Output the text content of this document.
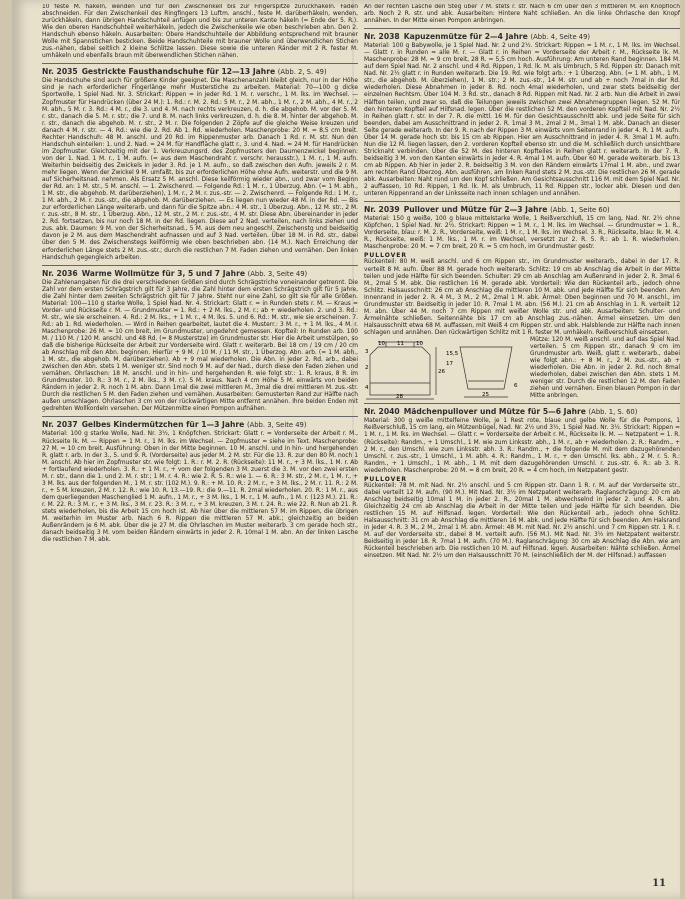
10 feste M. häkeln, wenden und für den Zwischenkell bis zur Fingerspitze zurückhäkeln. Faden abschneiden. Für den Zwischenkeil des Ringfingers 13 Luftm. anschl., feste M. darüberhäkeln, wenden, zurückhäkeln, dann übrigen Handschuhteil anfügen und bis zur unteren Kante häkeln (= Ende der 5. R.). Wie den oberen Handschuhteil weiterhäkeln, jedoch die Zwischenkeile wie oben beschrieben abn. Den 2. Handschuh ebenso häkeln. Ausarbeiten: Obere Handschuhteile der Abbildung entsprechend mit brauner Wolle mit Spannstichen besticken. Beide Handschuhteile mit brauner Wolle und überwendlichen Stichen zus.-nähen, dabei seitlich 2 kleine Schlitze lassen. Diese sowie die unteren Ränder mit 2 R. fester M. umhäkeln und ebenfalls braun mit überwendlichen Stichen nähen.

Nr. 2035 Gestrickte Fausthandschuhe für 12—13 Jahre (Abb. 2, S. 49)

Die Handschuhe sind auch für größere Kinder geeignet. Die Maschenanzahl bleibt gleich, nur in der Höhe sind je nach erforderlicher Fingerlänge mehr Musterstiche zu arbeiten. Material: 70—100 g dicke Sportwolle, 1 Spiel Nad. Nr. 3. Strickart: Rippen = in jeder Rd. 1 M. r. verschr., 1 M. lks. im Wechsel. — Zopfmuster für Handrücken (über 24 M.): 1. Rd.: r. M. 2. Rd.: 5 M. r., 2 M. abh., 1 M. r., 2 M. abh., 4 M. r., 2 M. abh., 5 M. r. 3. Rd.: 4 M. r., die 3. und 4. M. nach rechts verkreuzen, d. h. die abgehob. M. vor der 5. M. r. str., danach die 5. M. r. str.; die 7. und 8. M. nach links verkreuzen, d. h. die 8. M. hinter der abgehob. M. r. str., danach die abgehob. M. r. str., 2 M. r. Die folgenden 2 Zöpfe auf die gleiche Weise kreuzen und danach 4 M. r. str. — 4. Rd.: wie die 2. Rd. Ab 1. Rd. wiederholen. Maschenprobe: 20 M. = 8,5 cm breit. Rechter Handschuh: 48 M. anschl. und 20 Rd. im Rippenmuster arb. Danach 1 Rd. r. M. str. Nun den Handschuh einteilen: 1. und 2. Nad. = 24 M. für Handfläche glatt r., 3. und 4. Nad. = 24 M. für Handrücken im Zopfmuster. Gleichzeitig mit der 1. Verkreuzungsrd. des Zopfmusters den Daumenzwickel beginnen: von der 1. Nad. 1 M. r., 1 M. aufn. (= aus dem Maschendraht r. verschr. herausstr.), 1 M. r., 1 M. aufn. Weiterhin beidseitig des Zwickels in jeder 3. Rd. je 1 M. aufn., so daß zwischen den Aufn. jeweils 2 r. M. mehr liegen. Wenn der Zwickel 9 M. umfaßt, bis zur erforderlichen Höhe ohne Aufn. weiterstr. und die 9 M. auf Sicherheitsnad. nehmen. Als Ersatz 5 M. anschl. Diese keilförmig wieder abn., und zwar vom Beginn der Rd. an: 1 M. str., 5 M. anschl. — 1. Zwischenrd. — Folgende Rd.: 1 M. r., 1 Überzug. Abn. (= 1 M. abh., 1 M. str., die abgehob. M. darüberziehen), 1 M. r., 2 M. r. zus.-str. — 2. Zwischenrd. — Folgende Rd.: 1 M. r., 1 M. abh., 2 M. r. zus.-str., die abgehob. M. darüberziehen. — Es liegen nun wieder 48 M. in der Rd. — Bis zur erforderlichen Länge weiterarb. und dann für die Spitze abn.: 4 M. str., 1 Überzug. Abn., 12 M. str., 2 M. r. zus.-str., 8 M. str., 1 Überzug. Abn., 12 M. str., 2 M. r. zus.-str., 4 M. str. Diese Abn. übereinander in jeder 2. Rd. fortsetzen, bis nur noch 18 M. in der Rd. liegen. Diese auf 2 Nad. verteilen, nach links ziehen und zus. abk. Daumen: 9 M. von der Sicherheitsnad., 5 M. aus dem neu angeschl. Zwischenstg und beidseitig davon je 2 M. aus dem Maschendraht aufnassen und auf 3 Nad. verteilen. Über 18 M. in Rd. str., dabei über den 5 M. des Zwischenstegs keilförmig wie oben beschrieben abn. (14 M.). Nach Erreichung der erforderlichen Länge stets 2 M. zus.-str.; durch die restlichen 7 M. Faden ziehen und vernähen. Den linken Handschuh gegengleich arbeiten.

Nr. 2036 Warme Wollmütze für 3, 5 und 7 Jahre (Abb. 3, Seite 49)

Die Zahlenangaben für die drei verschiedenen Größen sind durch Schrägstriche voneinander getrennt. Die Zahl vor dem ersten Schrägstrich gilt für 3 Jahre, die Zahl hinter dem ersten Schrägstrich gilt für 5 Jahre, die Zahl hinter dem zweiten Schrägstrich gilt für 7 Jahre. Steht nur eine Zahl, so gilt sie für alle Größen. Material: 100—110 g starke Wolle, 1 Spiel Nad. Nr. 4. Strickart: Glatt r. = in Runden stets r. M. — Kraus = Vorder- und Rückseite r. M. — Grundmuster = 1. Rd.: + 2 M. lks., 2 M. r.; ab + wiederholen. 2. und 3. Rd.: M. str., wie sie erscheinen. 4. Rd.: 2 M. lks., + 1 M. r., 4 M. lks. 5. und 6. Rd.: M. str., wie sie erscheinen. 7. Rd.: ab 1. Rd. wiederholen. — Wird in Reihen gearbeitet, lautet die 4. Musterr.: 3 M. r., + 1 M. lks., 4 M. r. Maschenprobe: 26 M. = 10 cm breit, im Grundmuster, ungedehnt gemessen. Kopfteil: In Runden arb. 100 M. / 110 M. / 120 M. anschl. und 48 Rd. (= 8 Musterstze) im Grundmuster str. Hier die Arbeit umstülpen, so daß die bisherige Rückseite der Arbeit zur Vorderseite wird. Glatt r. weiterarb. Bei 18 cm / 19 cm / 20 cm ab Anschlag mit den Abn. beginnen. Hierfür + 9 M. / 10 M. / 11 M. str., 1 Überzog. Abn. arb. (= 1 M. abh., 1 M. str., die abgehob. M. darüberziehen). Ab + 9 mal wiederholen. Die Abn. in jeder 2. Rd. arb., dabei zwischen den Abn. stets 1 M. weniger str. Sind noch 9 M. auf der Nad., durch diese den Faden ziehen und vernähen. Ohrlaschen: 18 M. anschl. und in hin- und hergehenden R. wie folgt str.: 1. R. kraus, 8 R. im Grundmuster. 10. R.: 3 M. r., 2 M. lks., 3 M. r.). 5 M. kraus. Nach 4 cm Höhe 5 M. einwärts von beiden Rändern in jeder 2. R. noch 1 M. abn. Dann 1mal die zwei mittleren M., 3mal die drei mittleren M. zus.-str. Durch die restlichen 5 M. den Faden ziehen und vernähen. Ausarbeiten: Gemusterten Rand zur Hälfte nach außen umschlagen. Ohrlaschen 3 cm von der rückwärtigen Mitte entfernt annähen. Ihre beiden Enden mit gedrehten Wollkordeln versehen. Der Mützenmitte einen Pompon aufnähen.

Nr. 2037 Gelbes Kindermützchen für 1—3 Jahre (Abb. 3, Seite 49)

Material: 100 g starke Wolle, Nad. Nr. 3½, 1 Knöpfchen. Strickart: Glatt r. = Vorderseite der Arbeit r. M., Rückseite lk. M. — Rippen = 1 M. r., 1 M. lks. im Wechsel. — Zopfmuster = siehe im Text. Maschenprobe: 27 M. = 10 cm breit. Ausführung: Oben in der Mitte beginnen. 10 M. anschl. und in hin- und hergehenden R. glatt r. arb. In der 3., 5. und 9. R. (Vorderseite) aus jeder M. 2 M. str. Für die 13. R. zur den 80 M. noch 1 M. anschl. Ab hier im Zopfmuster str. wie folgt: 1. R.: r. M. 2. R. (Rückseite): 11 M. r., + 3 M. lks., 1 M. r. Ab + fortlaufend wiederholen. 3. R.: + 1 M. r., + vom der folgenden 3 M. zuerst die 3. M. vor den zwei ersten M. r. str., dann die 1. und 2. M. r. str.; 1 M. r. 4. R.: wie 2. R. 5. R.: wie 1. — 6. R.: 3 M. str., 2 M. r., 1 M. r., + 3 M. lks. aus der folgenden M., 1 M. r. str. (102 M.). 9. R.: + M. 10. R.: 2 M. r., + 3 M. lks., 2 M. r. 11. R.: 2 M. r., + 5 M. kreuzen, 2 M. r. 12. R.: wie 10. R. 13.—19. R.: die 9.—11. R. 2mal wiederholen. 20. R.: 1 M. r., aus dem querliegenden Maschenglied 1 M. aufn., 1 M. r., + 3 M. lks., 1 M. r., 1 M. aufn., 1 M. r. (123 M.). 21. R.: r. M. 22. R.: 3 M. r., + 3 M. lks., 3 M. r. 23. R.: 3 M. r., + 3 M. kreuzen, 3 M. r. 24. R.: wie 22. R. Nun ab 21. R. stets wiederholen, bis die Arbeit 15 cm hoch ist. Ab hier über die mittleren 57 M. im Rippen, die übrigen M. weiterhin im Muster arb. Nach 6 R. Rippen die mittleren 57 M. abk.; gleichzeitig an beiden Außenrändern je 6 M. abk. Über die je 27 M. die Ohrlaschen im Muster weiterarb. 3 cm gerade hoch str., danach beidseitig 3 M. vom beiden Rändern einwärts in jeder 2. R. 10mal 1 M. abn. An der linken Lasche die restlichen 7 M. abk.

An der rechten Lasche den Steg über 7 M. stets r. str. Nach 6 cm über den 3 mittleren M. ein Knopfloch arb. Noch 2 R. str. und abk. Ausarbeiten: Hintere Naht schließen. An die linke Ohrlasche den Knopf annähen. In der Mitte einen Pompon anbringen.

Nr. 2038 Kapuzenmütze für 2—4 Jahre (Abb. 4, Seite 49)

Material: 100 g Babywolle, je 1 Spiel Nad. Nr. 2 und 2½. Strickart: Rippen = 1 M. r., 1 M. lks. im Wechsel. — Glatt r. in Runden = alle M. r. — Glatt r. in Reihen = Vorderseite der Arbeit r. M., Rückseite lk. M. Maschenprobe: 28 M. = 9 cm breit, 28 R. = 5,5 cm hoch. Ausführung: Am unteren Rand beginnen. 184 M. auf dem Spiel Nad. Nr. 2 anschl. und 4 Rd. Rippen, 1 Rd. lk. M. als Umbruch, 5 Rd. Rippen str. Danach mit Nad. Nr. 2½ glatt r. in Runden weiterarb. Die 19. Rd. wie folgt arb.: + 1 Überzog. Abn. (= 1 M. abh., 1 M. str., die abgehob. M. überziehen), 1 M. str.; 2 M. zus.-str., 14 M. str. und ab + noch 7mal in der Rd. wiederholen. Diese Abnahmen in jeder 8. Rd. noch 4mal wiederholen, und zwar stets beidseitig der einzelnen Rechtsm. Über 104 M. 3 Rd. str., danach 8 Rd. Rippen mit Nad. Nr. 2 arb. Nun die Arbeit in zwei Hälften teilen, und zwar so, daß die Teilungen jeweils zwischen zwei Abnahmegruppen liegen. 52 M. für den hinteren Kopfteil auf Hilfsnad. legen. Über die restlichen 52 M. den vorderen Kopfteil mit Nad. Nr. 2½ in Reihen glatt r. str. In der 7. R. die mittl. 16 M. für den Gesichtsausschnitt abk. und jede Seite für sich beenden, dabei am Ausschnittrand in jeder 2. R. 1mal 3 M., 2mal 2 M., 3mal 1 M. abk. Danach an dieser Seite gerade weiterarb. In der 9. R. nach der Rippen 3 M. einwärts vom Seitenrand in jeder 4. R. 1 M. aufn. Über 14 M. gerade hoch str. bis 15 cm ab Rippen. Hier am Ausschnittrand in jeder 4. R. 3mal 1 M. aufn. Nun die 12 M. liegen lassen, den 2. vorderen Kopfteil ebenso str. und die M. schließlich durch unsichtbare Stricknaht verbinden. Über die 52 M. des hinteren Kopfteiles in Reihen glatt r. weiterarb. In der 7. R. beidseitig 3 M. von den Kanten einwärts in jeder 4. R. 4mal 1 M. aufn. Über 60 M. gerade weiterarb. bis 13 cm ab Rippen. Ab hier in jeder 2. R. beidseitig 3 M. von den Rändern einwärts 17mal 1 M. abn., und zwar am rechten Rand Überzog. Abn. ausführen, am linken Rand stets 2 M. zus.-str. Die restlichen 26 M. gerade abk. Ausarbeiten: Naht rund um den Kopf schließen. Am Gesichtsausschnitt 116 M. mit dem Spiel Nad. Nr. 2 auffassen, 10 Rd. Rippen, 1 Rd. lk. M. als Umbruch, 11 Rd. Rippen str., locker abk. Diesen und den unteren Rippenrand an der Linksseite nach innen schlagen und annähen.

Nr. 2039 Pullover und Mütze für 2—3 Jahre (Abb. 1, Seite 60)

Material: 150 g weiße, 100 g blaue mittelstarke Wolle, 1 Reißverschluß, 15 cm lang, Nad. Nr. 2½ ohne Köpfchen, 1 Spiel Nad. Nr. 2½. Strickart: Rippen = 1 M. r., 1 M. lks. im Wechsel. — Grundmuster = 1. R., Vorderseite, blau: r. M. 2. R., Vorderseite, weiß: 1 M. r., 1 M. lks. im Wechsel. 3. R., Rückseite, blau: lk. M. 4. R., Rückseite, weiß: 1 M. lks., 1 M. r. im Wechsel, versetzt zur 2. R. 5. R.: ab 1. R. wiederholen. Maschenprobe: 20 M. = 7 cm breit, 20 R. = 5 cm hoch, im Grundmuster gestr.

PULLOVER

Rückenteil: 80 M. weiß anschl. und 6 cm Rippen str., im Grundmuster weiterarb., dabei in der 17. R. verteilt 8 M. aufn. Über 88 M. gerade hoch weiterarb. Schlitz: 19 cm ab Anschlag die Arbeit in der Mitte teilen und jede Hälfte für sich beenden. Schulter: 29 cm ab Anschlag am Außenrand in jeder 2. R. 3mal 6 M., 2mal 5 M. abk. Die restlichen 16 M. gerade abk. Vorderteil: Wie den Rückenteil arb., jedoch ohne Schlitz. Halsausschnitt: 26 cm ab Anschlag die mittleren 10 M. abk. und jede Hälfte für sich beenden. Am Innenrand in jeder 2. R. 4 M., 3 M., 2 M., 2mal 1 M. abk. Ärmel: Oben beginnen und 70 M. anschl., im Grundmuster str. Beidseitig in jeder 10. R. 7mal 1 M. abn. (56 M.). 21 cm ab Anschlag in 1. R. verteilt 12 M. abn. Über 44 M. noch 7 cm Rippen mit weißer Wolle str. und abk. Ausarbeiten: Schulter- und Ärmelnähte schließen. Seitennähte bis 17 cm ab Anschlag zus.-nähen. Ärmel einsetzen. Um den Halsausschnitt etwa 68 M. auffassen, mit Weiß 4 cm Rippen str. und abk. Halsblende zur Hälfte nach innen schlagen und annähen. Den rückwärtigen Schlitz mit 1 R. fester M. umhäkeln. Reißverschluß einsetzen.

10 11 10
3
2
4
26
15,5
17
6
28	25

Mütze: 120 M. weiß anschl. und auf das Spiel Nad. verteilen. 5 cm Rippen str., danach 9 cm im Grundmuster arb. Weiß, glatt r. weiterarb., dabei wie folgt abn.: + 8 M. r., 2 M. zus.-str., ab + wiederholen. Die Abn. in jeder 2. Rd. noch 8mal wiederholen, dabei zwischen den Abn. stets 1 M. weniger str. Durch die restlichen 12 M. den Faden ziehen und vernähen. Einen blauen Pompon in der Mitte anbringen.

Nr. 2040 Mädchenpullover und Mütze für 5—6 Jahre (Abb. 1, S. 60)

Material: 300 g weiße mittelfeine Wolle, je 1 Rest rote, blaue und gelbe Wolle für die Pompons, 1 Reißverschluß, 15 cm lang, ein Mützenbügel, Nad. Nr. 2½ und 3½, 1 Spiel Nad. Nr. 3½. Strickart: Rippen = 1 M. r., 1 M. lks. im Wechsel. — Glatt r. = Vorderseite der Arbeit r. M., Rückseite lk. M. — Netzpatent = 1. R. (Rückseite): Randm., + 1 Umschl., 1 M. wie zum Linksstr. abh., 1 M. r., ab + wiederholen. 2. R.: Randm., + 2 M. r., den Umschl. wie zum Linksstr. abh. 3. R.: Randm., + die folgende M. mit dem dazugehörenden Umschl. r. zus.-str., 1 Umschl., 1 M. abh. 4. R.: Randm., 1 M. r., + den Umschl. lks. abh., 2 M. r. 5. R.: Randm., + 1 Umschl., 1 M. abh., 1 M. mit dem dazugehörenden Umschl. r. zus.-str. 6. R.: ab 3. R. wiederholen. Maschenprobe: 20 M. = 8 cm breit, 20 R. = 4 cm hoch, im Netzpatent gestr.

PULLOVER

Rückenteil: 78 M. mit Nad. Nr. 2½ anschl. und 5 cm Rippen str. Dann 1 R. r. M. auf der Vorderseite str., dabei verteilt 12 M. aufn. (90 M.). Mit Nad. Nr. 3½ im Netzpatent weiterarb. Raglanschrägung: 20 cm ab Anschlag beidseitig 10mal 1 M. in jeder 2. R., 20mal 1 M. abwechselnd in jeder 2. und 4. R. abn. Gleichzeitig 24 cm ab Anschlag die Arbeit in der Mitte teilen und jede Hälfte für sich beenden. Die restlichen 15 M. auf Hilfsnad. legen. Vorderteil: Wie den Rückenteil arb., jedoch ohne Schlitz. Halsausschnitt: 31 cm ab Anschlag die mittleren 16 M. abk. und jede Hälfte für sich beenden. Am Halsrand in jeder 4. R. 3 M., 2 M., 2mal 1 M. abn. Ärmel: 48 M. mit Nad. Nr. 2½ anschl. und 7 cm Rippen str. 1 R. r. M. auf der Vorderseite str., dabei 8 M. verteilt aufn. (56 M.). Mit Nad. Nr. 3½ im Netzpatent weiterstr. Beidseitig in jeder 18. R. 7mal 1 M. aufn. (70 M.). Raglanschrägung: 30 cm ab Anschlag die Abn. wie am Rückenteil beschrieben arb. Die restlichen 10 M. auf Hilfsnad. legen. Ausarbeiten: Nähte schließen. Ärmel einsetzen. Mit Nad. Nr. 2½ um den Halsausschnitt 70 M. (einschließlich der M. der Hilfsnad.) auffassen

11
